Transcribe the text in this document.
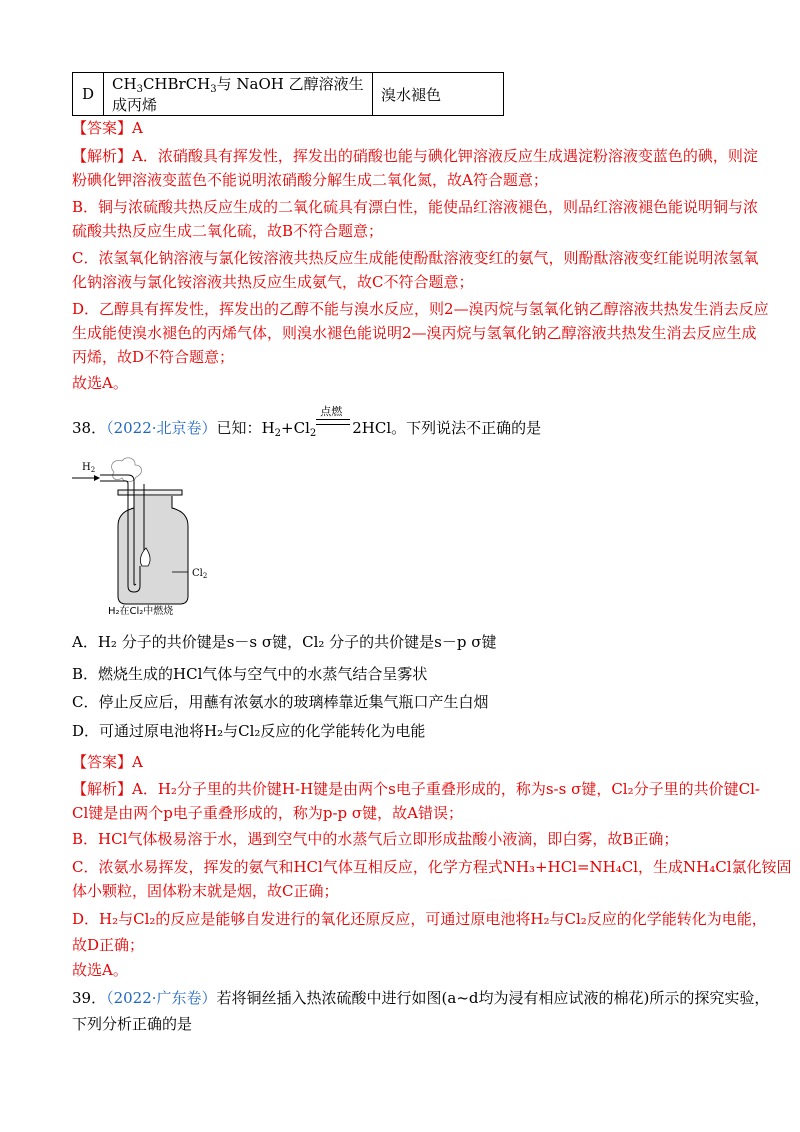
D	$CH_3CHBrCH_3$与 NaOH 乙醇溶液生成丙烯	溴水褪色
【答案】A
【解析】A．浓硝酸具有挥发性，挥发出的硝酸也能与碘化钾溶液反应生成遇淀粉溶液变蓝色的碘，则淀
粉碘化钾溶液变蓝色不能说明浓硝酸分解生成二氧化氮，故A符合题意；
B．铜与浓硫酸共热反应生成的二氧化硫具有漂白性，能使品红溶液褪色，则品红溶液褪色能说明铜与浓
硫酸共热反应生成二氧化硫，故B不符合题意；
C．浓氢氧化钠溶液与氯化铵溶液共热反应生成能使酚酞溶液变红的氨气，则酚酞溶液变红能说明浓氢氧
化钠溶液与氯化铵溶液共热反应生成氨气，故C不符合题意；
D．乙醇具有挥发性，挥发出的乙醇不能与溴水反应，则2—溴丙烷与氢氧化钠乙醇溶液共热发生消去反应
生成能使溴水褪色的丙烯气体，则溴水褪色能说明2—溴丙烷与氢氧化钠乙醇溶液共热发生消去反应生成
丙烯，故D不符合题意；
故选A。
38．（2022·北京卷）已知：$H_2+Cl_2$
点燃
2HCl。下列说法不正确的是
$H_2$
$Cl_2$
H₂在Cl₂中燃烧
A．H₂ 分子的共价键是s－s σ键，Cl₂ 分子的共价键是s－p σ键
B．燃烧生成的HCl气体与空气中的水蒸气结合呈雾状
C．停止反应后，用蘸有浓氨水的玻璃棒靠近集气瓶口产生白烟
D．可通过原电池将H₂与Cl₂反应的化学能转化为电能
【答案】A
【解析】A．H₂分子里的共价键H-H键是由两个s电子重叠形成的，称为s-s σ键，Cl₂分子里的共价键Cl-
Cl键是由两个p电子重叠形成的，称为p-p σ键，故A错误；
B．HCl气体极易溶于水，遇到空气中的水蒸气后立即形成盐酸小液滴，即白雾，故B正确；
C．浓氨水易挥发，挥发的氨气和HCl气体互相反应，化学方程式NH₃+HCl=NH₄Cl，生成NH₄Cl氯化铵固
体小颗粒，固体粉末就是烟，故C正确；
D．H₂与Cl₂的反应是能够自发进行的氧化还原反应，可通过原电池将H₂与Cl₂反应的化学能转化为电能，
故D正确；
故选A。
39．（2022·广东卷）若将铜丝插入热浓硫酸中进行如图(a~d均为浸有相应试液的棉花)所示的探究实验，
下列分析正确的是
